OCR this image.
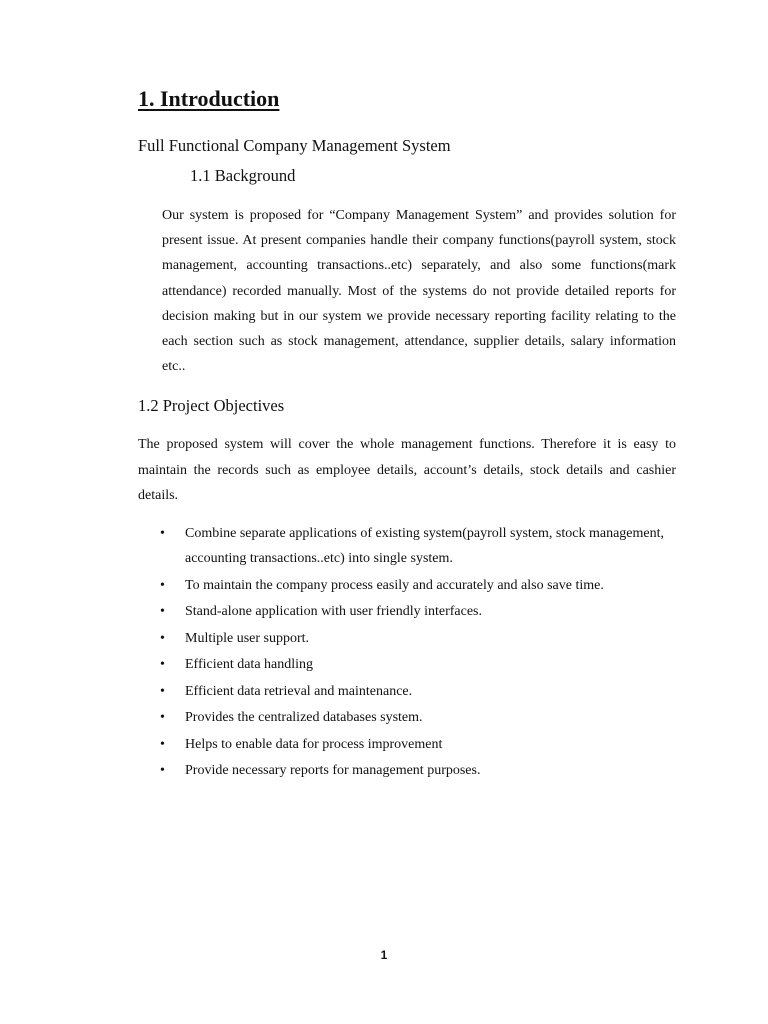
1. Introduction
Full Functional Company Management System
1.1 Background

Our system is proposed for “Company Management System” and provides solution for present issue. At present companies handle their company functions(payroll system, stock management, accounting transactions..etc) separately, and also some functions(mark attendance) recorded manually. Most of the systems do not provide detailed reports for decision making but in our system we provide necessary reporting facility relating to the each section such as stock management, attendance, supplier details, salary information etc..

1.2 Project Objectives

The proposed system will cover the whole management functions. Therefore it is easy to maintain the records such as employee details, account’s details, stock details and cashier details.

• Combine separate applications of existing system(payroll system, stock management, accounting transactions..etc) into single system.
• To maintain the company process easily and accurately and also save time.
• Stand-alone application with user friendly interfaces.
• Multiple user support.
• Efficient data handling
• Efficient data retrieval and maintenance.
• Provides the centralized databases system.
• Helps to enable data for process improvement
• Provide necessary reports for management purposes.
1
